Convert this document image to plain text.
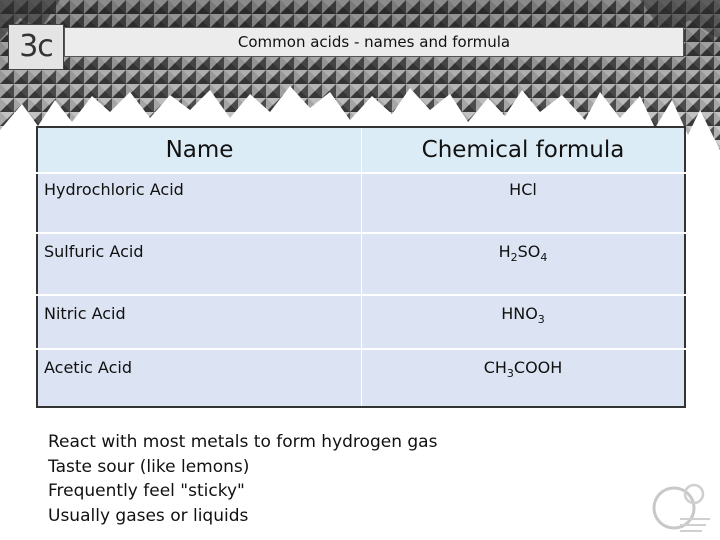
3c	Common acids - names and formula
Name	Chemical formula
Hydrochloric Acid	HCl
Sulfuric Acid	$H_2SO_4$
Nitric Acid	$HNO_3$
Acetic Acid	$CH_3COOH$
React with most metals to form hydrogen gas
Taste sour (like lemons)
Frequently feel "sticky"
Usually gases or liquids
